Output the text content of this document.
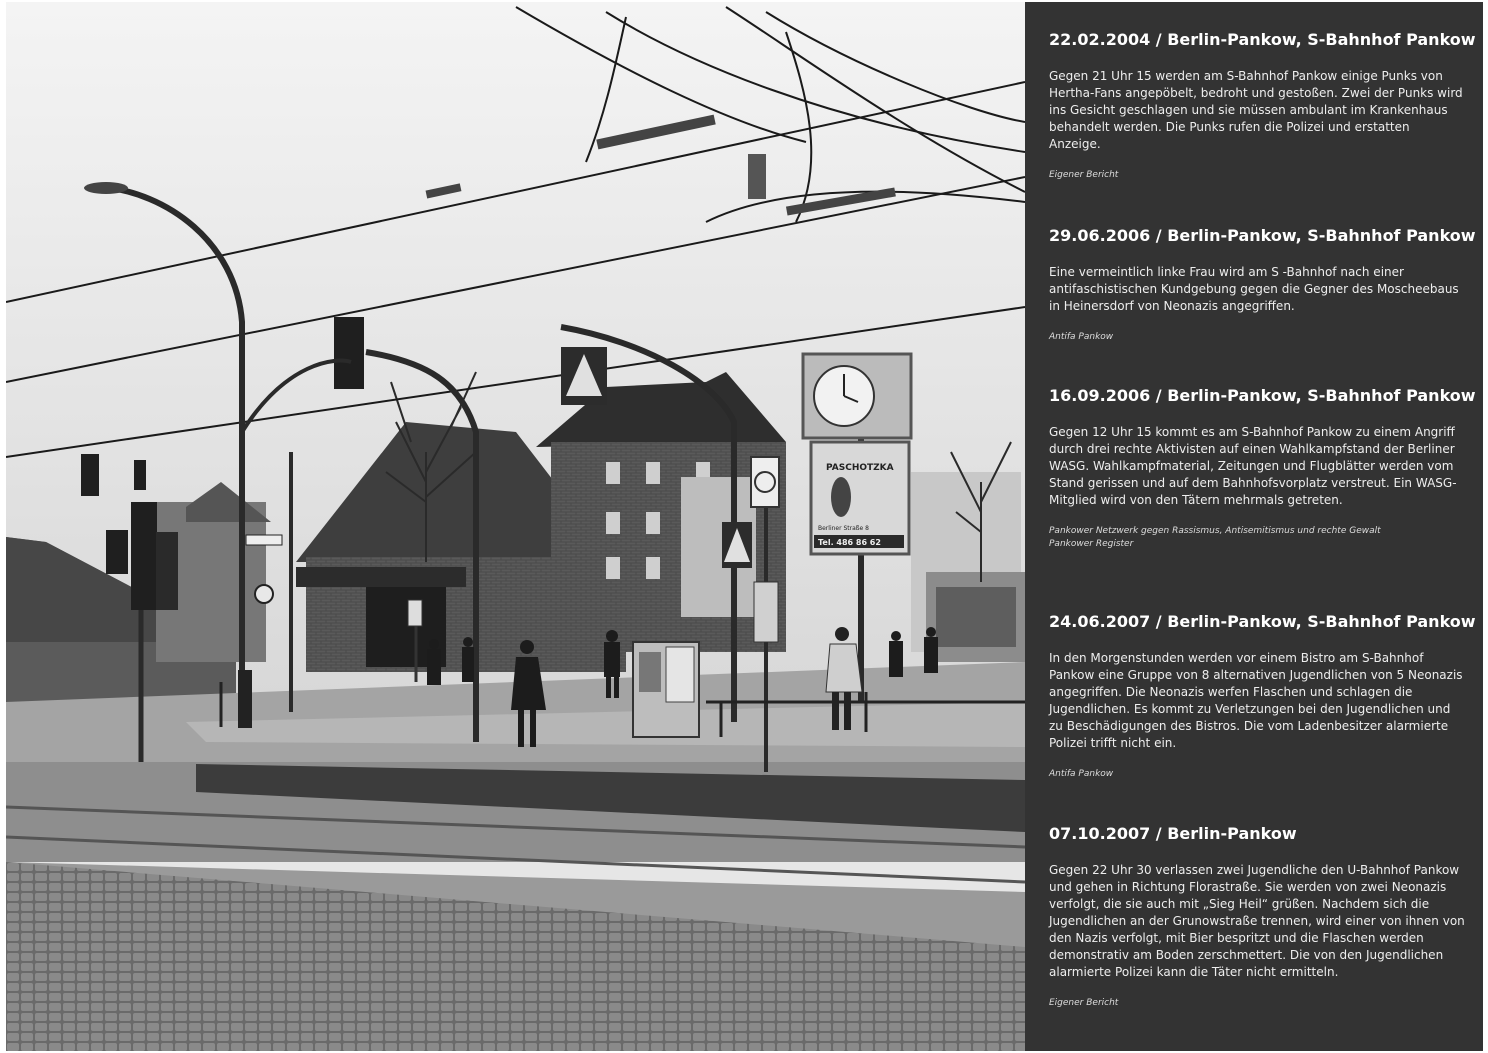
PASCHOTZKA
Berliner Straße 8
Tel. 486 86 62
22.02.2004 / Berlin-Pankow, S-Bahnhof Pankow

Gegen 21 Uhr 15 werden am S-Bahnhof Pankow einige Punks von Hertha-Fans angepöbelt, bedroht und gestoßen. Zwei der Punks wird ins Gesicht geschlagen und sie müssen ambulant im Krankenhaus behandelt werden. Die Punks rufen die Polizei und erstatten Anzeige.

Eigener Bericht
29.06.2006 / Berlin-Pankow, S-Bahnhof Pankow

Eine vermeintlich linke Frau wird am S -Bahnhof nach einer antifaschistischen Kundgebung gegen die Gegner des Moscheebaus in Heinersdorf von Neonazis angegriffen.

Antifa Pankow
16.09.2006 / Berlin-Pankow, S-Bahnhof Pankow

Gegen 12 Uhr 15 kommt es am S-Bahnhof Pankow zu einem Angriff durch drei rechte Aktivisten auf einen Wahlkampfstand der Berliner WASG. Wahlkampfmaterial, Zeitungen und Flugblätter werden vom Stand gerissen und auf dem Bahnhofsvorplatz verstreut. Ein WASG-Mitglied wird von den Tätern mehrmals getreten.

Pankower Netzwerk gegen Rassismus, Antisemitismus und rechte Gewalt
Pankower Register
24.06.2007 / Berlin-Pankow, S-Bahnhof Pankow

In den Morgenstunden werden vor einem Bistro am S-Bahnhof Pankow eine Gruppe von 8 alternativen Jugendlichen von 5 Neonazis angegriffen. Die Neonazis werfen Flaschen und schlagen die Jugendlichen. Es kommt zu Verletzungen bei den Jugendlichen und zu Beschädigungen des Bistros. Die vom Ladenbesitzer alarmierte Polizei trifft nicht ein.

Antifa Pankow
07.10.2007 / Berlin-Pankow

Gegen 22 Uhr 30 verlassen zwei Jugendliche den U-Bahnhof Pankow und gehen in Richtung Florastraße. Sie werden von zwei Neonazis verfolgt, die sie auch mit „Sieg Heil“ grüßen. Nachdem sich die Jugendlichen an der Grunowstraße trennen, wird einer von ihnen von den Nazis verfolgt, mit Bier bespritzt und die Flaschen werden demonstrativ am Boden zerschmettert. Die von den Jugendlichen alarmierte Polizei kann die Täter nicht ermitteln.

Eigener Bericht
